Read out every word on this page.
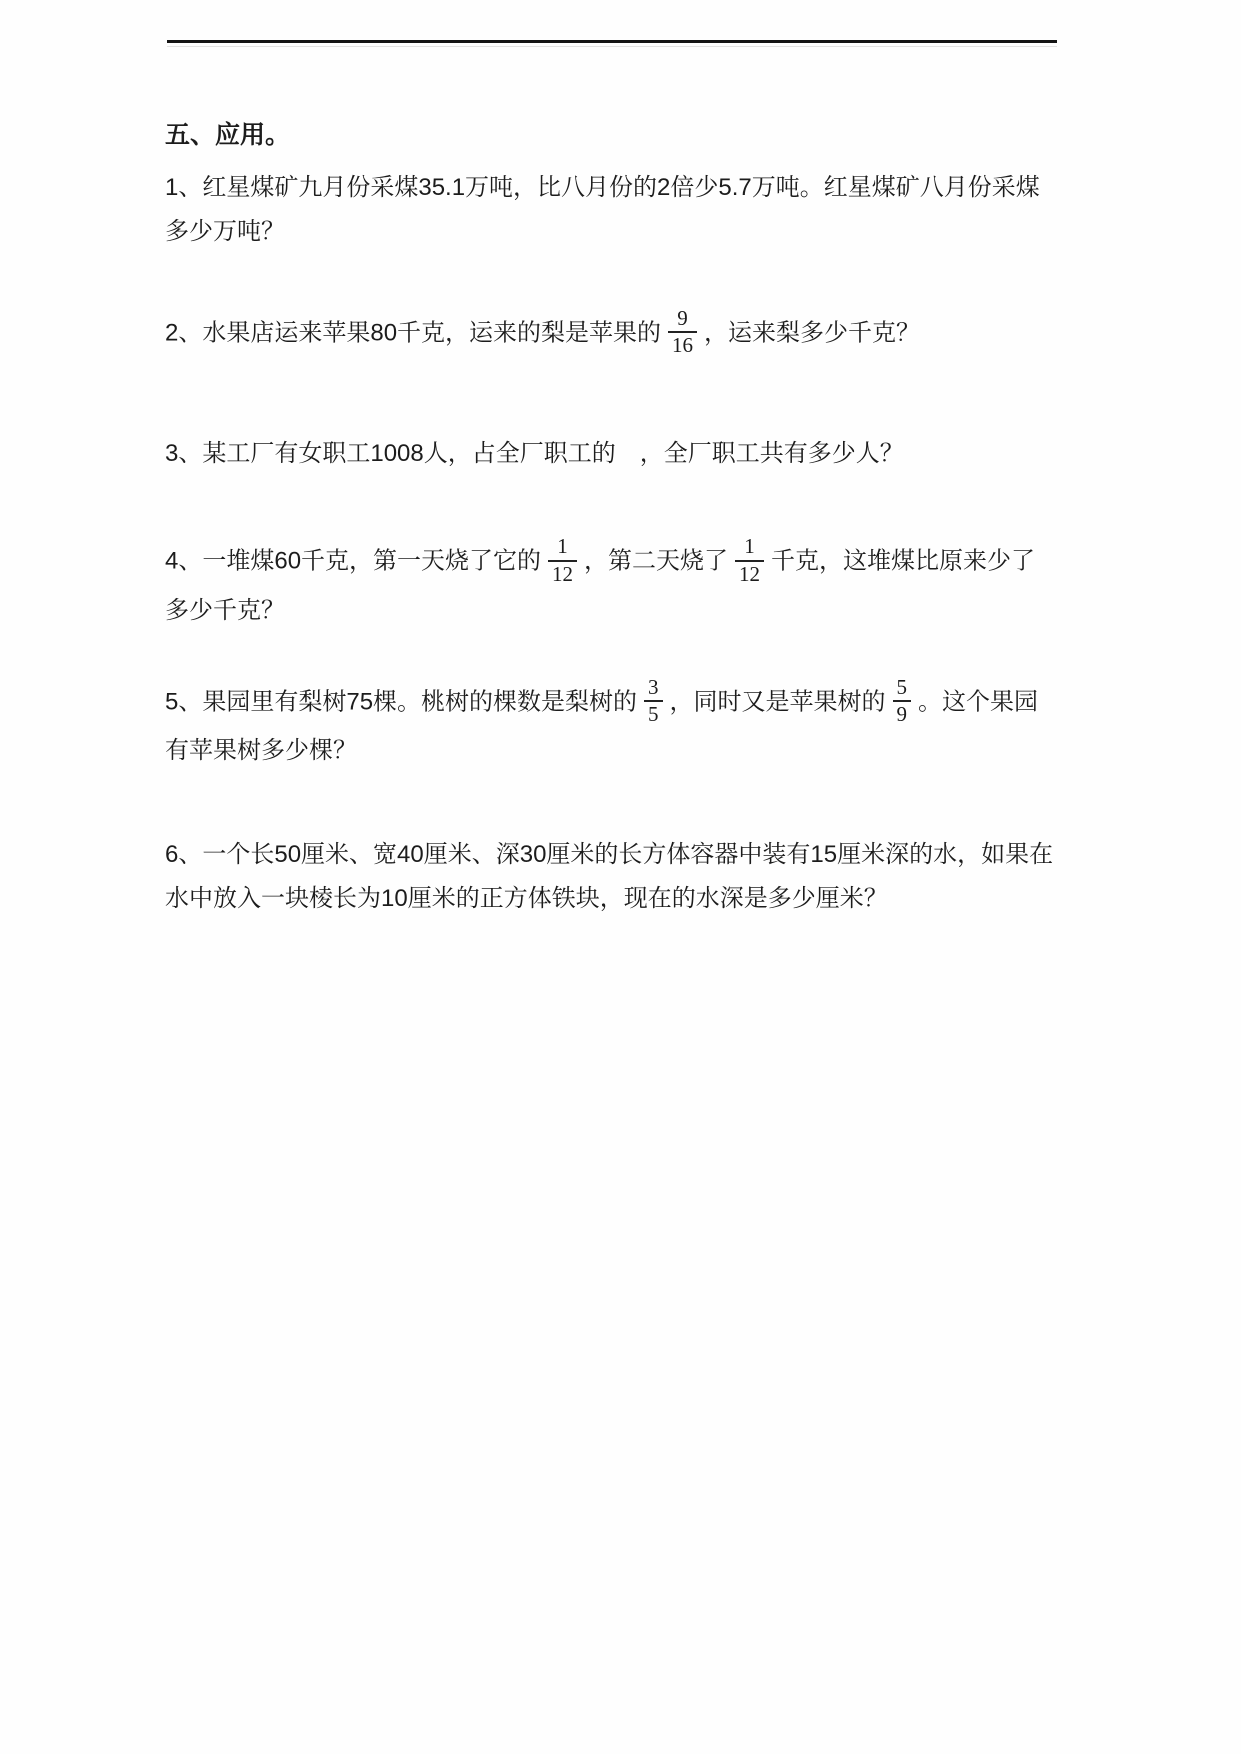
五、应用。
1、红星煤矿九月份采煤35.1万吨，比八月份的2倍少5.7万吨。红星煤矿八月份采煤多少万吨？
2、水果店运来苹果80千克，运来的梨是苹果的 $\frac{9}{16}$ ，运来梨多少千克？
3、某工厂有女职工1008人，占全厂职工的　，全厂职工共有多少人？
4、一堆煤60千克，第一天烧了它的 $\frac{1}{12}$ ，第二天烧了 $\frac{1}{12}$ 千克，这堆煤比原来少了多少千克？
5、果园里有梨树75棵。桃树的棵数是梨树的 $\frac{3}{5}$ ，同时又是苹果树的 $\frac{5}{9}$ 。这个果园有苹果树多少棵？
6、一个长50厘米、宽40厘米、深30厘米的长方体容器中装有15厘米深的水，如果在水中放入一块棱长为10厘米的正方体铁块，现在的水深是多少厘米？
